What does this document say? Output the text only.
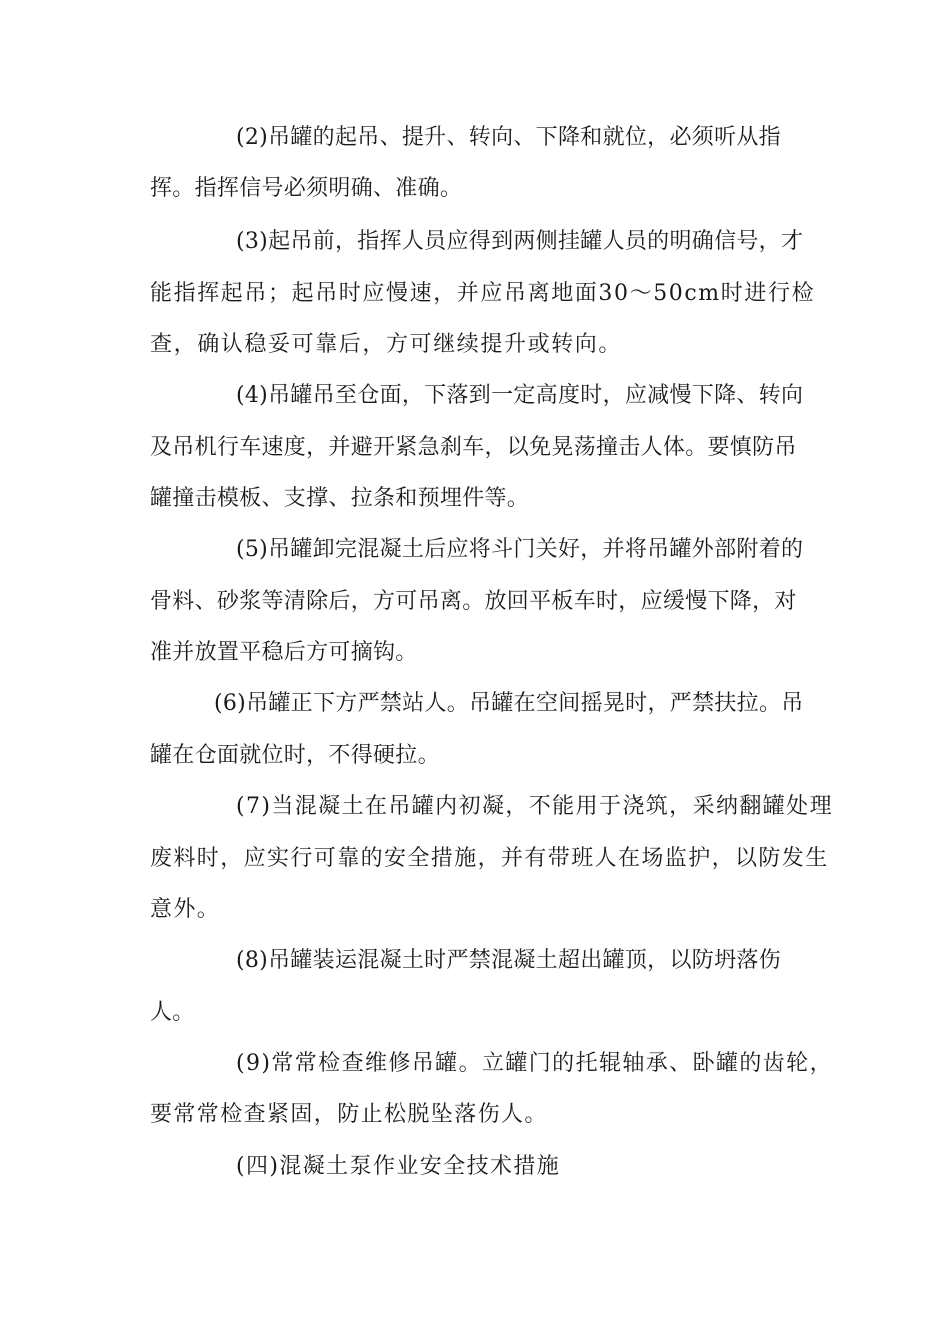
(2)吊罐的起吊、提升、转向、下降和就位，必须听从指
挥。指挥信号必须明确、准确。
(3)起吊前，指挥人员应得到两侧挂罐人员的明确信号，才
能指挥起吊；起吊时应慢速，并应吊离地面30～50cm时进行检
查，确认稳妥可靠后，方可继续提升或转向。
(4)吊罐吊至仓面，下落到一定高度时，应减慢下降、转向
及吊机行车速度，并避开紧急刹车，以免晃荡撞击人体。要慎防吊
罐撞击模板、支撑、拉条和预埋件等。
(5)吊罐卸完混凝土后应将斗门关好，并将吊罐外部附着的
骨料、砂浆等清除后，方可吊离。放回平板车时，应缓慢下降，对
准并放置平稳后方可摘钩。
(6)吊罐正下方严禁站人。吊罐在空间摇晃时，严禁扶拉。吊
罐在仓面就位时，不得硬拉。
(7)当混凝土在吊罐内初凝，不能用于浇筑，采纳翻罐处理
废料时，应实行可靠的安全措施，并有带班人在场监护，以防发生
意外。
(8)吊罐装运混凝土时严禁混凝土超出罐顶，以防坍落伤
人。
(9)常常检查维修吊罐。立罐门的托辊轴承、卧罐的齿轮，
要常常检查紧固，防止松脱坠落伤人。
(四)混凝土泵作业安全技术措施
